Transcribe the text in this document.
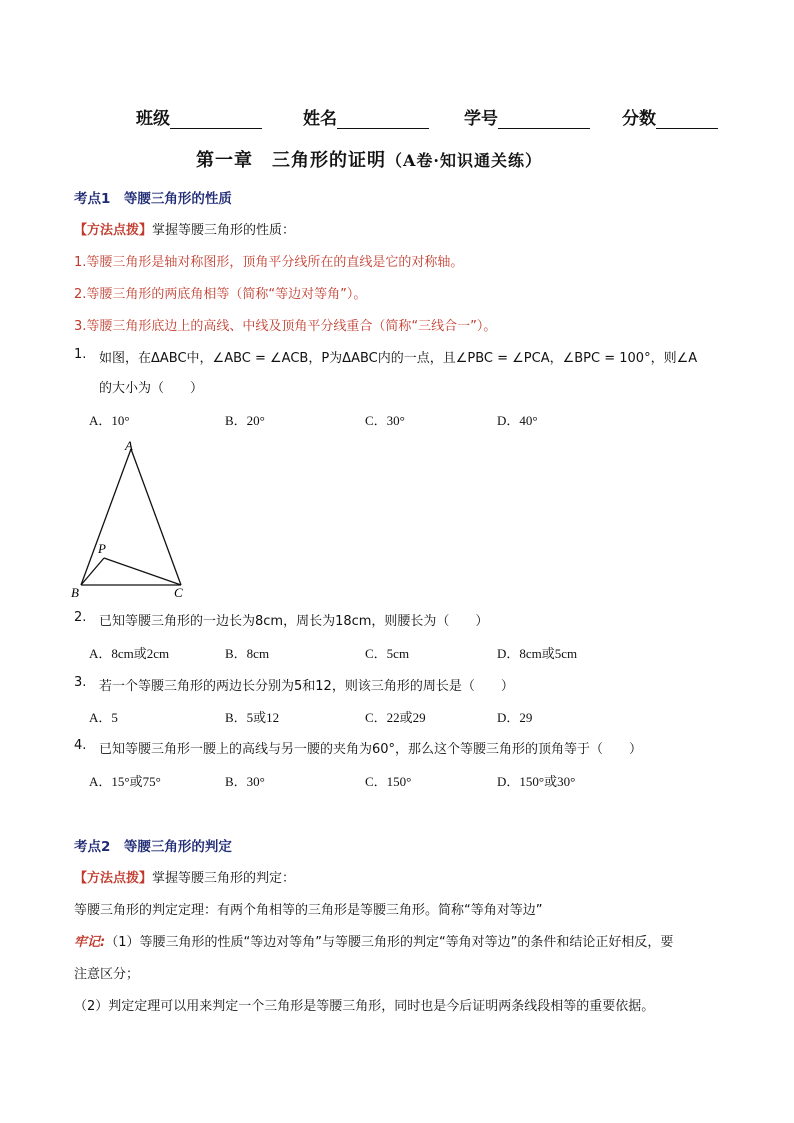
班级	姓名	学号	分数
第一章　三角形的证明（A卷·知识通关练）
考点1　等腰三角形的性质
【方法点拨】掌握等腰三角形的性质：
1.等腰三角形是轴对称图形，顶角平分线所在的直线是它的对称轴。
2.等腰三角形的两底角相等（简称“等边对等角”）。
3.等腰三角形底边上的高线、中线及顶角平分线重合（简称“三线合一”）。
1. 如图，在ΔABC中，∠ABC = ∠ACB，P为ΔABC内的一点，且∠PBC = ∠PCA，∠BPC = 100°，则∠A
的大小为（　　）
A．10°	B．20°	C．30°	D．40°
A
B	C
P
2. 已知等腰三角形的一边长为8cm，周长为18cm，则腰长为（　　）
A．8cm或2cm	B．8cm	C．5cm	D．8cm或5cm
3. 若一个等腰三角形的两边长分别为5和12，则该三角形的周长是（　　）
A．5	B．5或12	C．22或29	D．29
4. 已知等腰三角形一腰上的高线与另一腰的夹角为60°，那么这个等腰三角形的顶角等于（　　）
A．15°或75°	B．30°	C．150°	D．150°或30°
考点2　等腰三角形的判定
【方法点拨】掌握等腰三角形的判定：
等腰三角形的判定定理：有两个角相等的三角形是等腰三角形。简称“等角对等边”
牢记:（1）等腰三角形的性质“等边对等角”与等腰三角形的判定“等角对等边”的条件和结论正好相反，要
注意区分；
（2）判定定理可以用来判定一个三角形是等腰三角形，同时也是今后证明两条线段相等的重要依据。
